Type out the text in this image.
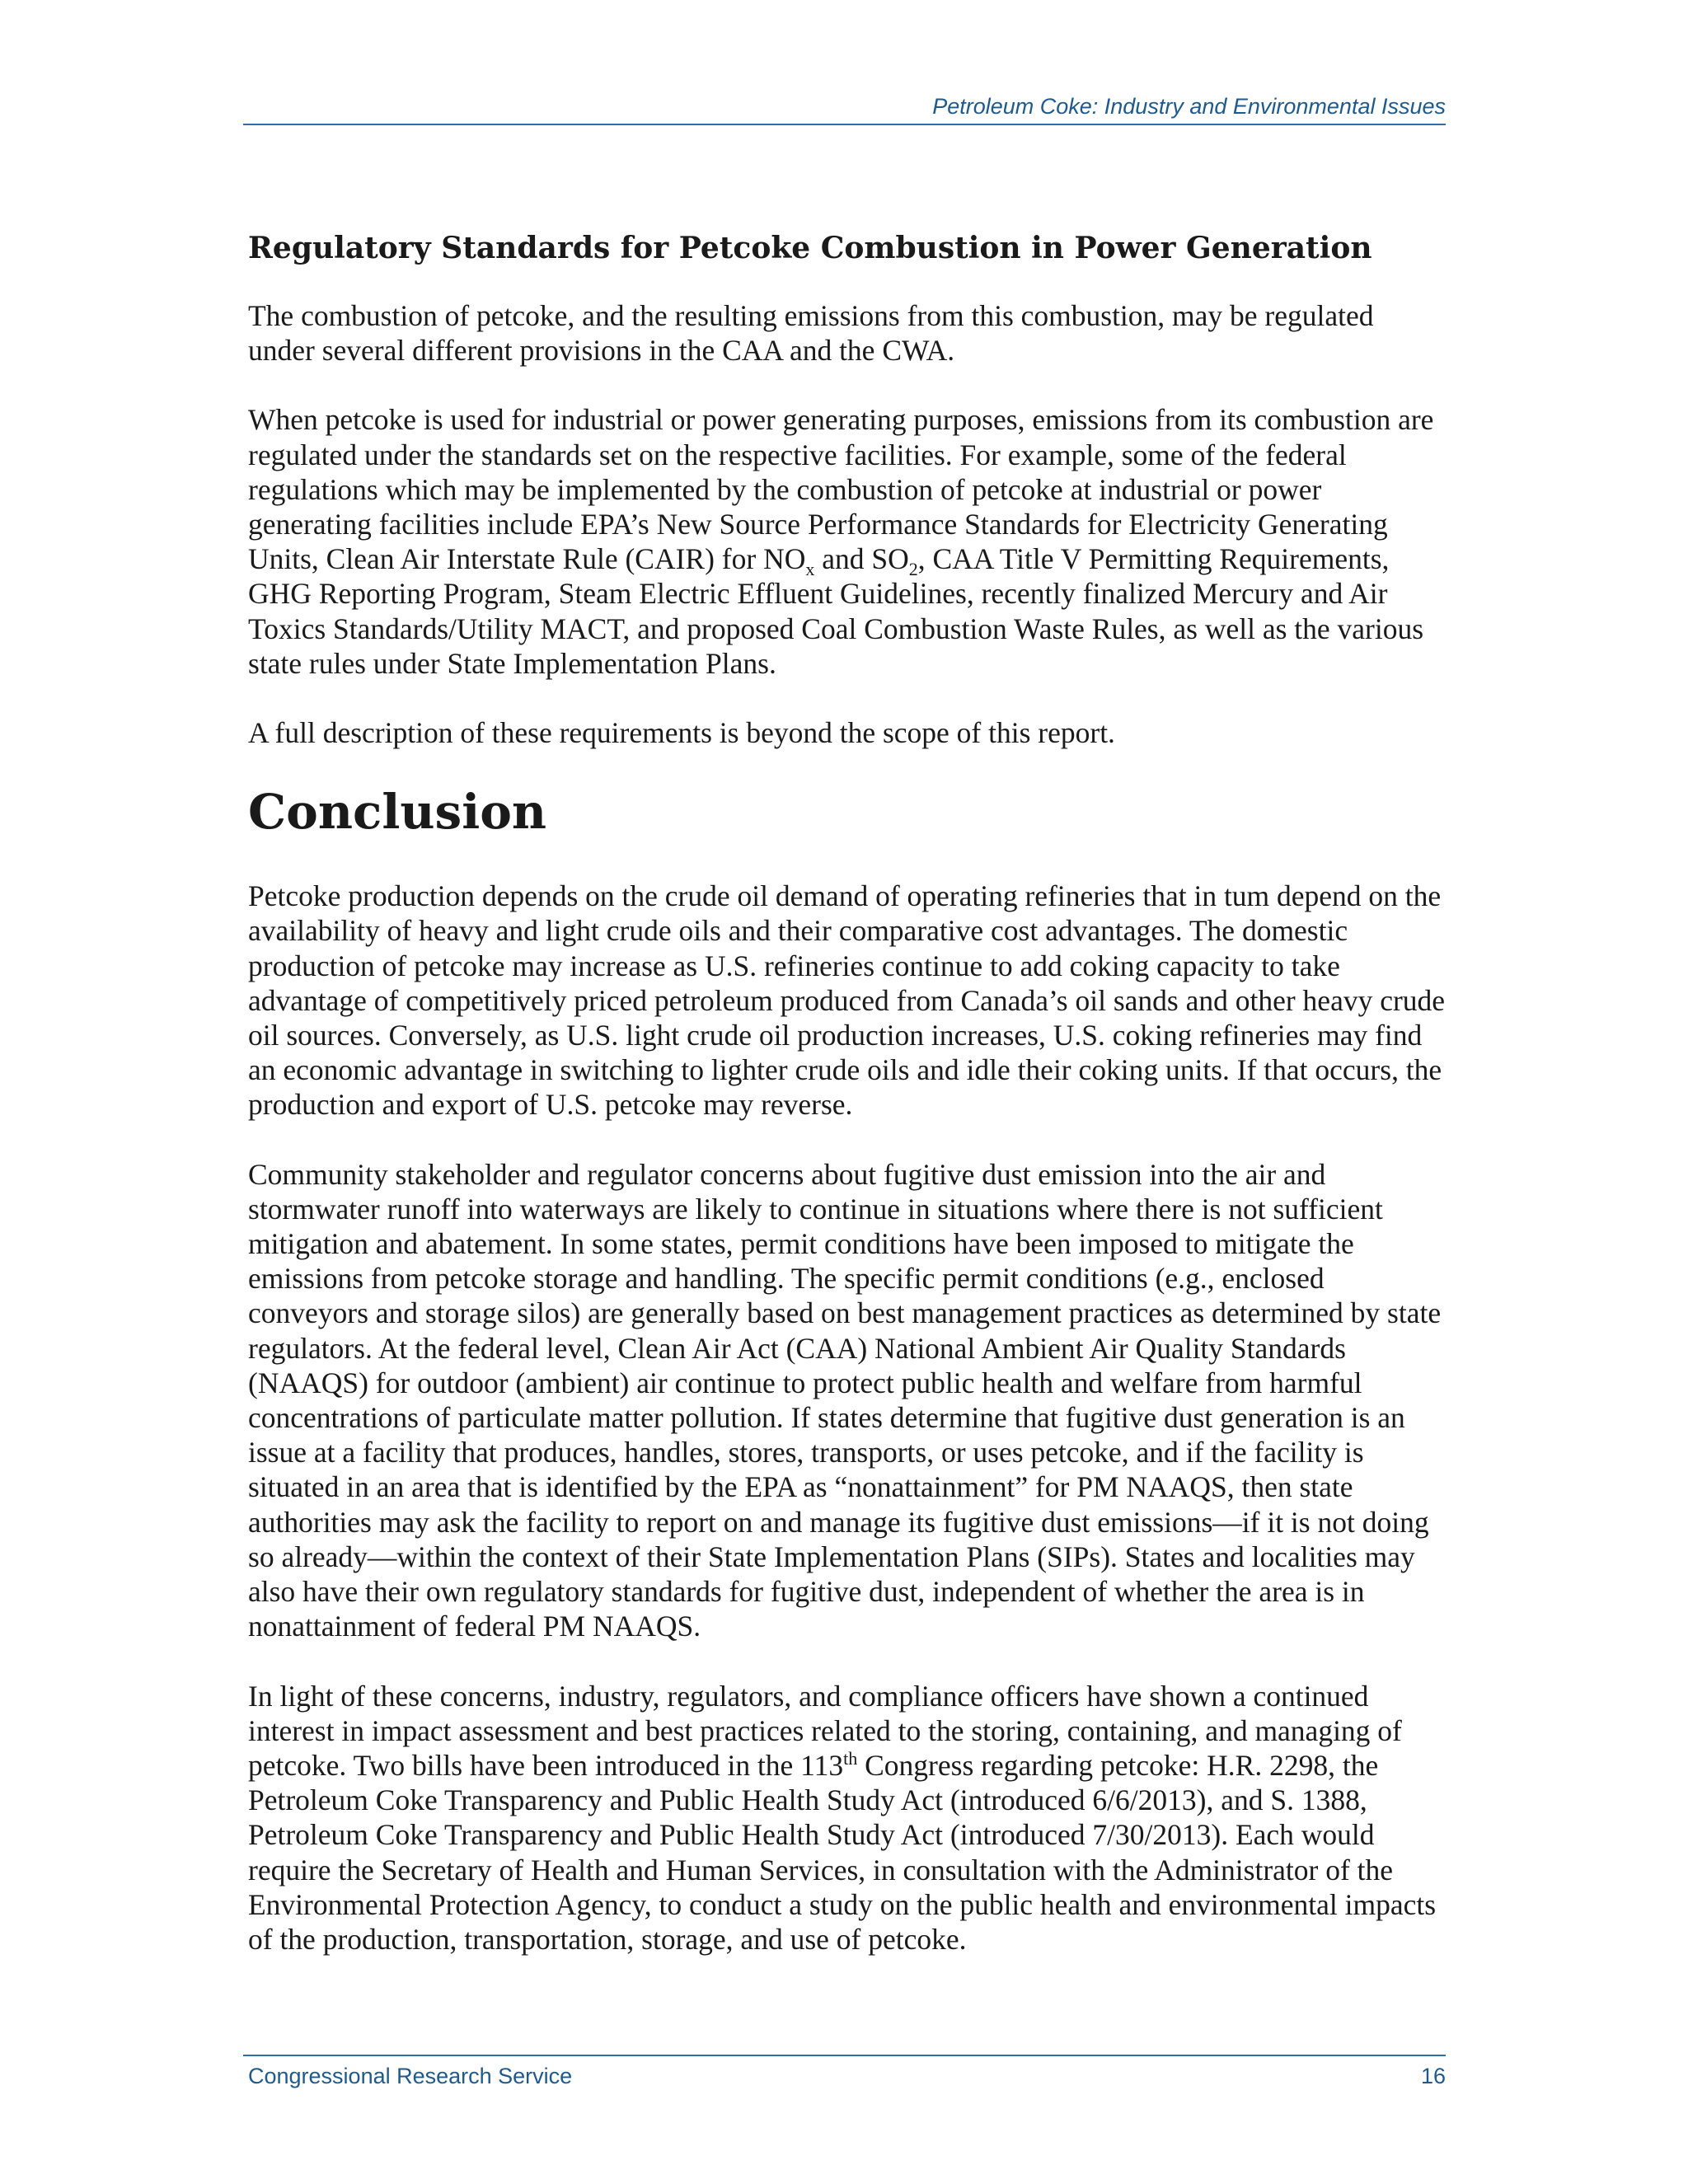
Petroleum Coke: Industry and Environmental Issues
Regulatory Standards for Petcoke Combustion in Power Generation

The combustion of petcoke, and the resulting emissions from this combustion, may be regulated under several different provisions in the CAA and the CWA.

When petcoke is used for industrial or power generating purposes, emissions from its combustion are regulated under the standards set on the respective facilities. For example, some of the federal regulations which may be implemented by the combustion of petcoke at industrial or power generating facilities include EPA’s New Source Performance Standards for Electricity Generating Units, Clean Air Interstate Rule (CAIR) for $NO_x$ and $SO_2$, CAA Title V Permitting Requirements, GHG Reporting Program, Steam Electric Effluent Guidelines, recently finalized Mercury and Air Toxics Standards/Utility MACT, and proposed Coal Combustion Waste Rules, as well as the various state rules under State Implementation Plans.

A full description of these requirements is beyond the scope of this report.

Conclusion

Petcoke production depends on the crude oil demand of operating refineries that in tum depend on the availability of heavy and light crude oils and their comparative cost advantages. The domestic production of petcoke may increase as U.S. refineries continue to add coking capacity to take advantage of competitively priced petroleum produced from Canada’s oil sands and other heavy crude oil sources. Conversely, as U.S. light crude oil production increases, U.S. coking refineries may find an economic advantage in switching to lighter crude oils and idle their coking units. If that occurs, the production and export of U.S. petcoke may reverse.

Community stakeholder and regulator concerns about fugitive dust emission into the air and stormwater runoff into waterways are likely to continue in situations where there is not sufficient mitigation and abatement. In some states, permit conditions have been imposed to mitigate the emissions from petcoke storage and handling. The specific permit conditions (e.g., enclosed conveyors and storage silos) are generally based on best management practices as determined by state regulators. At the federal level, Clean Air Act (CAA) National Ambient Air Quality Standards (NAAQS) for outdoor (ambient) air continue to protect public health and welfare from harmful concentrations of particulate matter pollution. If states determine that fugitive dust generation is an issue at a facility that produces, handles, stores, transports, or uses petcoke, and if the facility is situated in an area that is identified by the EPA as “nonattainment” for PM NAAQS, then state authorities may ask the facility to report on and manage its fugitive dust emissions—if it is not doing so already—within the context of their State Implementation Plans (SIPs). States and localities may also have their own regulatory standards for fugitive dust, independent of whether the area is in nonattainment of federal PM NAAQS.

In light of these concerns, industry, regulators, and compliance officers have shown a continued interest in impact assessment and best practices related to the storing, containing, and managing of petcoke. Two bills have been introduced in the 113th Congress regarding petcoke: H.R. 2298, the Petroleum Coke Transparency and Public Health Study Act (introduced 6/6/2013), and S. 1388, Petroleum Coke Transparency and Public Health Study Act (introduced 7/30/2013). Each would require the Secretary of Health and Human Services, in consultation with the Administrator of the Environmental Protection Agency, to conduct a study on the public health and environmental impacts of the production, transportation, storage, and use of petcoke.

Congressional Research Service	16
